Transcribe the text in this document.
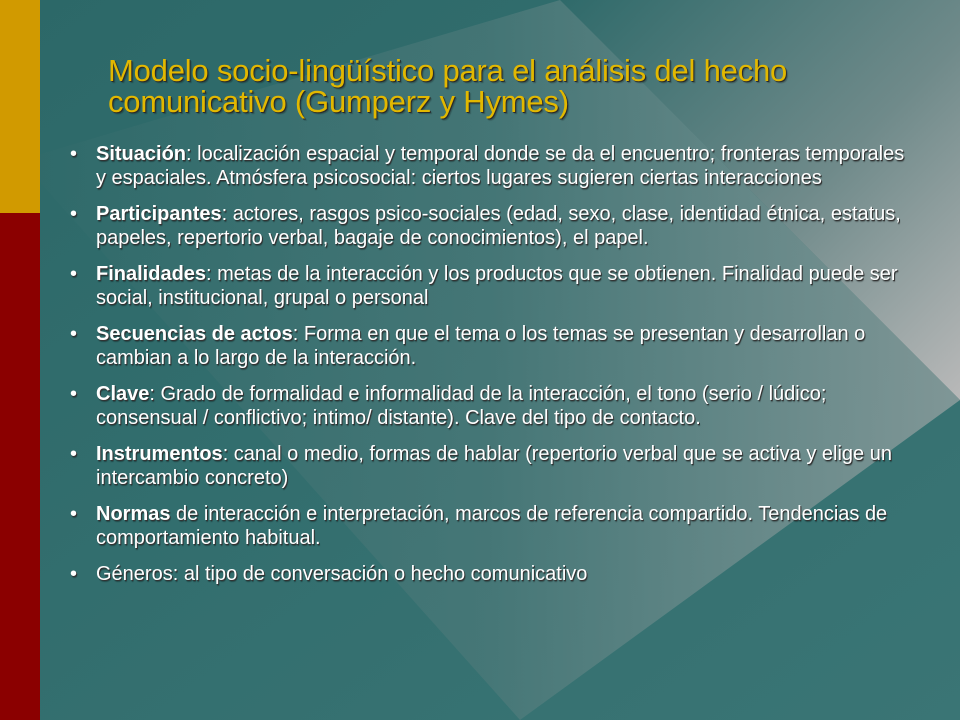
Modelo socio-lingüístico para el análisis del hecho
comunicativo (Gumperz y Hymes)
• Situación: localización espacial y temporal donde se da el encuentro; fronteras temporales y espaciales. Atmósfera psicosocial: ciertos lugares sugieren ciertas interacciones
• Participantes: actores, rasgos psico-sociales (edad, sexo, clase, identidad étnica, estatus, papeles, repertorio verbal, bagaje de conocimientos), el papel.
• Finalidades: metas de la interacción y los productos que se obtienen. Finalidad puede ser social, institucional, grupal o personal
• Secuencias de actos: Forma en que el tema o los temas se presentan y desarrollan o cambian a lo largo de la interacción.
• Clave: Grado de formalidad e informalidad de la interacción, el tono (serio / lúdico; consensual / conflictivo; intimo/ distante). Clave del tipo de contacto.
• Instrumentos: canal o medio, formas de hablar (repertorio verbal que se activa y elige un intercambio concreto)
• Normas de interacción e interpretación, marcos de referencia compartido. Tendencias de comportamiento habitual.
• Géneros: al tipo de conversación o hecho comunicativo
